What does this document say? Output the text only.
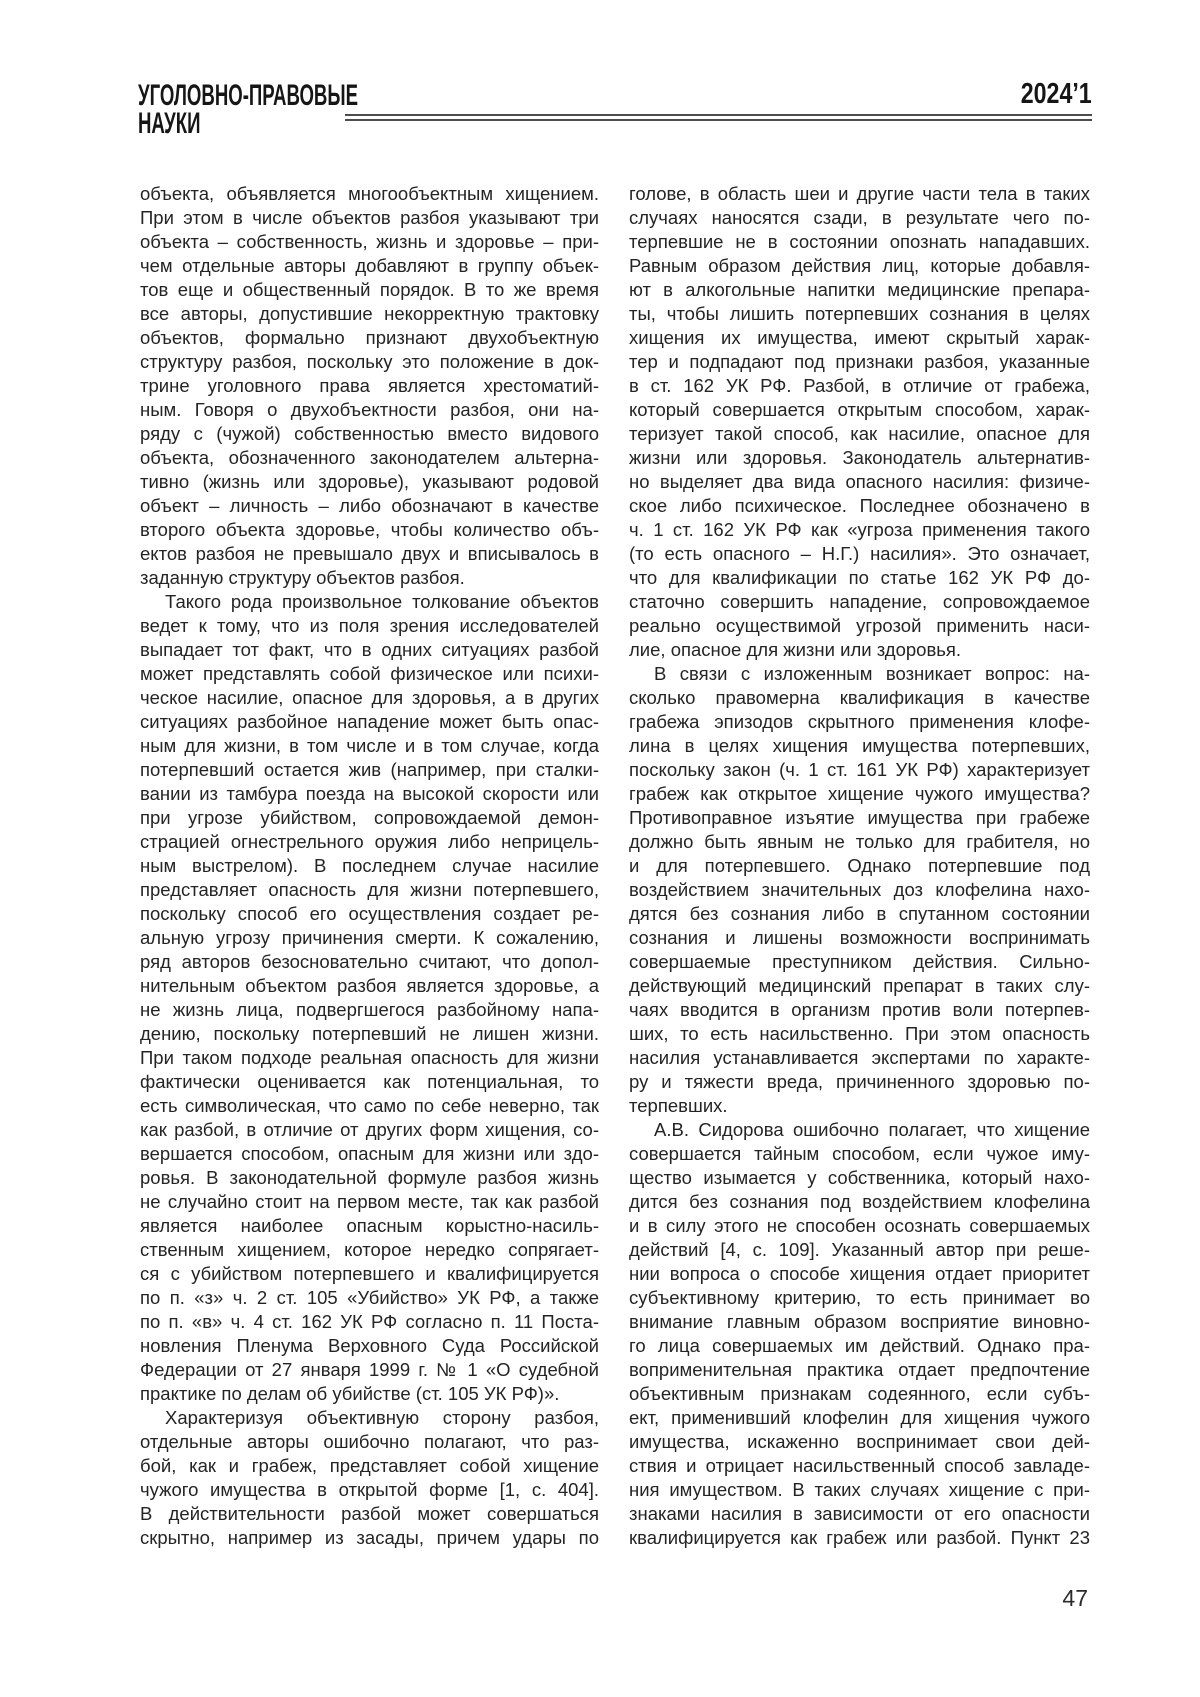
УГОЛОВНО-ПРАВОВЫЕ
НАУКИ
2024’1
объекта, объявляется многообъектным хищением.
При этом в числе объектов разбоя указывают три
объекта – собственность, жизнь и здоровье – при-
чем отдельные авторы добавляют в группу объек-
тов еще и общественный порядок. В то же время
все авторы, допустившие некорректную трактовку
объектов, формально признают двухобъектную
структуру разбоя, поскольку это положение в док-
трине уголовного права является хрестоматий-
ным. Говоря о двухобъектности разбоя, они на-
ряду с (чужой) собственностью вместо видового
объекта, обозначенного законодателем альтерна-
тивно (жизнь или здоровье), указывают родовой
объект – личность – либо обозначают в качестве
второго объекта здоровье, чтобы количество объ-
ектов разбоя не превышало двух и вписывалось в
заданную структуру объектов разбоя.
Такого рода произвольное толкование объектов
ведет к тому, что из поля зрения исследователей
выпадает тот факт, что в одних ситуациях разбой
может представлять собой физическое или психи-
ческое насилие, опасное для здоровья, а в других
ситуациях разбойное нападение может быть опас-
ным для жизни, в том числе и в том случае, когда
потерпевший остается жив (например, при сталки-
вании из тамбура поезда на высокой скорости или
при угрозе убийством, сопровождаемой демон-
страцией огнестрельного оружия либо неприцель-
ным выстрелом). В последнем случае насилие
представляет опасность для жизни потерпевшего,
поскольку способ его осуществления создает ре-
альную угрозу причинения смерти. К сожалению,
ряд авторов безосновательно считают, что допол-
нительным объектом разбоя является здоровье, а
не жизнь лица, подвергшегося разбойному напа-
дению, поскольку потерпевший не лишен жизни.
При таком подходе реальная опасность для жизни
фактически оценивается как потенциальная, то
есть символическая, что само по себе неверно, так
как разбой, в отличие от других форм хищения, со-
вершается способом, опасным для жизни или здо-
ровья. В законодательной формуле разбоя жизнь
не случайно стоит на первом месте, так как разбой
является наиболее опасным корыстно-насиль-
ственным хищением, которое нередко сопрягает-
ся с убийством потерпевшего и квалифицируется
по п. «з» ч. 2 ст. 105 «Убийство» УК РФ, а также
по п. «в» ч. 4 ст. 162 УК РФ согласно п. 11 Поста-
новления Пленума Верховного Суда Российской
Федерации от 27 января 1999 г. № 1 «О судебной
практике по делам об убийстве (ст. 105 УК РФ)».
Характеризуя объективную сторону разбоя,
отдельные авторы ошибочно полагают, что раз-
бой, как и грабеж, представляет собой хищение
чужого имущества в открытой форме [1, с. 404].
В действительности разбой может совершаться
скрытно, например из засады, причем удары по
голове, в область шеи и другие части тела в таких
случаях наносятся сзади, в результате чего по-
терпевшие не в состоянии опознать нападавших.
Равным образом действия лиц, которые добавля-
ют в алкогольные напитки медицинские препара-
ты, чтобы лишить потерпевших сознания в целях
хищения их имущества, имеют скрытый харак-
тер и подпадают под признаки разбоя, указанные
в ст. 162 УК РФ. Разбой, в отличие от грабежа,
который совершается открытым способом, харак-
теризует такой способ, как насилие, опасное для
жизни или здоровья. Законодатель альтернатив-
но выделяет два вида опасного насилия: физиче-
ское либо психическое. Последнее обозначено в
ч. 1 ст. 162 УК РФ как «угроза применения такого
(то есть опасного – Н.Г.) насилия». Это означает,
что для квалификации по статье 162 УК РФ до-
статочно совершить нападение, сопровождаемое
реально осуществимой угрозой применить наси-
лие, опасное для жизни или здоровья.
В связи с изложенным возникает вопрос: на-
сколько правомерна квалификация в качестве
грабежа эпизодов скрытного применения клофе-
лина в целях хищения имущества потерпевших,
поскольку закон (ч. 1 ст. 161 УК РФ) характеризует
грабеж как открытое хищение чужого имущества?
Противоправное изъятие имущества при грабеже
должно быть явным не только для грабителя, но
и для потерпевшего. Однако потерпевшие под
воздействием значительных доз клофелина нахо-
дятся без сознания либо в спутанном состоянии
сознания и лишены возможности воспринимать
совершаемые преступником действия. Сильно-
действующий медицинский препарат в таких слу-
чаях вводится в организм против воли потерпев-
ших, то есть насильственно. При этом опасность
насилия устанавливается экспертами по характе-
ру и тяжести вреда, причиненного здоровью по-
терпевших.
А.В. Сидорова ошибочно полагает, что хищение
совершается тайным способом, если чужое иму-
щество изымается у собственника, который нахо-
дится без сознания под воздействием клофелина
и в силу этого не способен осознать совершаемых
действий [4, с. 109]. Указанный автор при реше-
нии вопроса о способе хищения отдает приоритет
субъективному критерию, то есть принимает во
внимание главным образом восприятие виновно-
го лица совершаемых им действий. Однако пра-
воприменительная практика отдает предпочтение
объективным признакам содеянного, если субъ-
ект, применивший клофелин для хищения чужого
имущества, искаженно воспринимает свои дей-
ствия и отрицает насильственный способ завладе-
ния имуществом. В таких случаях хищение с при-
знаками насилия в зависимости от его опасности
квалифицируется как грабеж или разбой. Пункт 23
47
